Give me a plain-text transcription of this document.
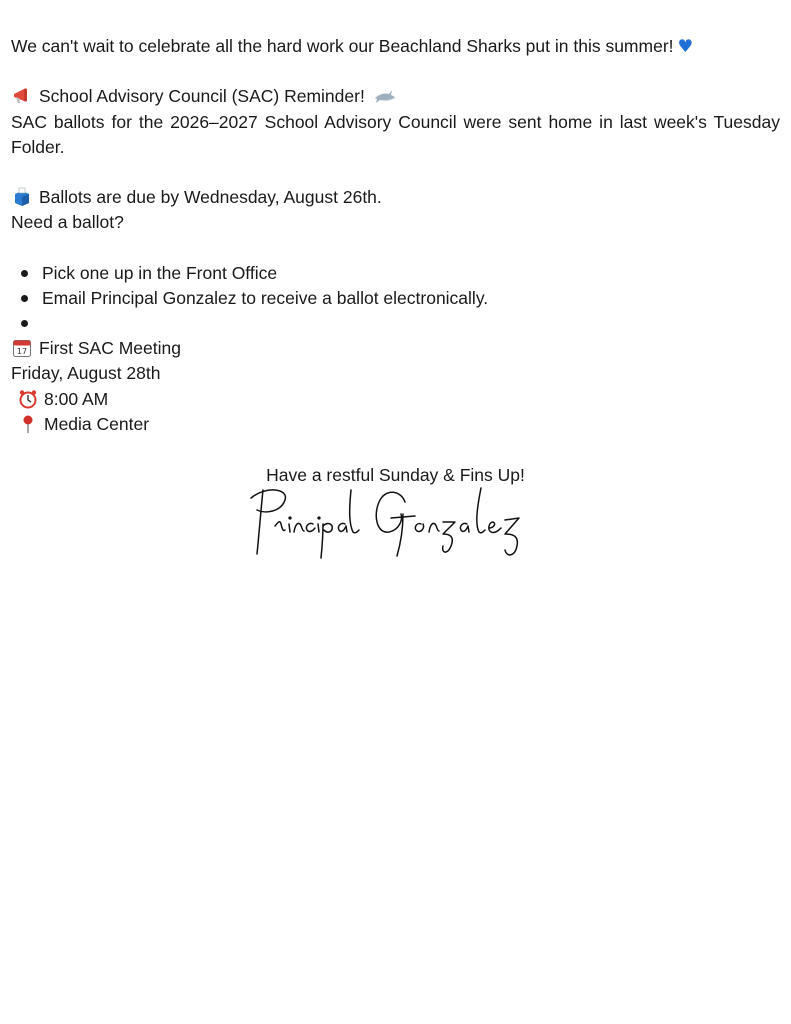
We can't wait to celebrate all the hard work our Beachland Sharks put in this summer! ♥
School Advisory Council (SAC) Reminder!
SAC ballots for the 2026–2027 School Advisory Council were sent home in last week's Tuesday Folder.
Ballots are due by Wednesday, August 26th.
Need a ballot?
Pick one up in the Front Office
Email Principal Gonzalez to receive a ballot electronically.
17 First SAC Meeting
Friday, August 28th
8:00 AM
Media Center
Have a restful Sunday & Fins Up!
